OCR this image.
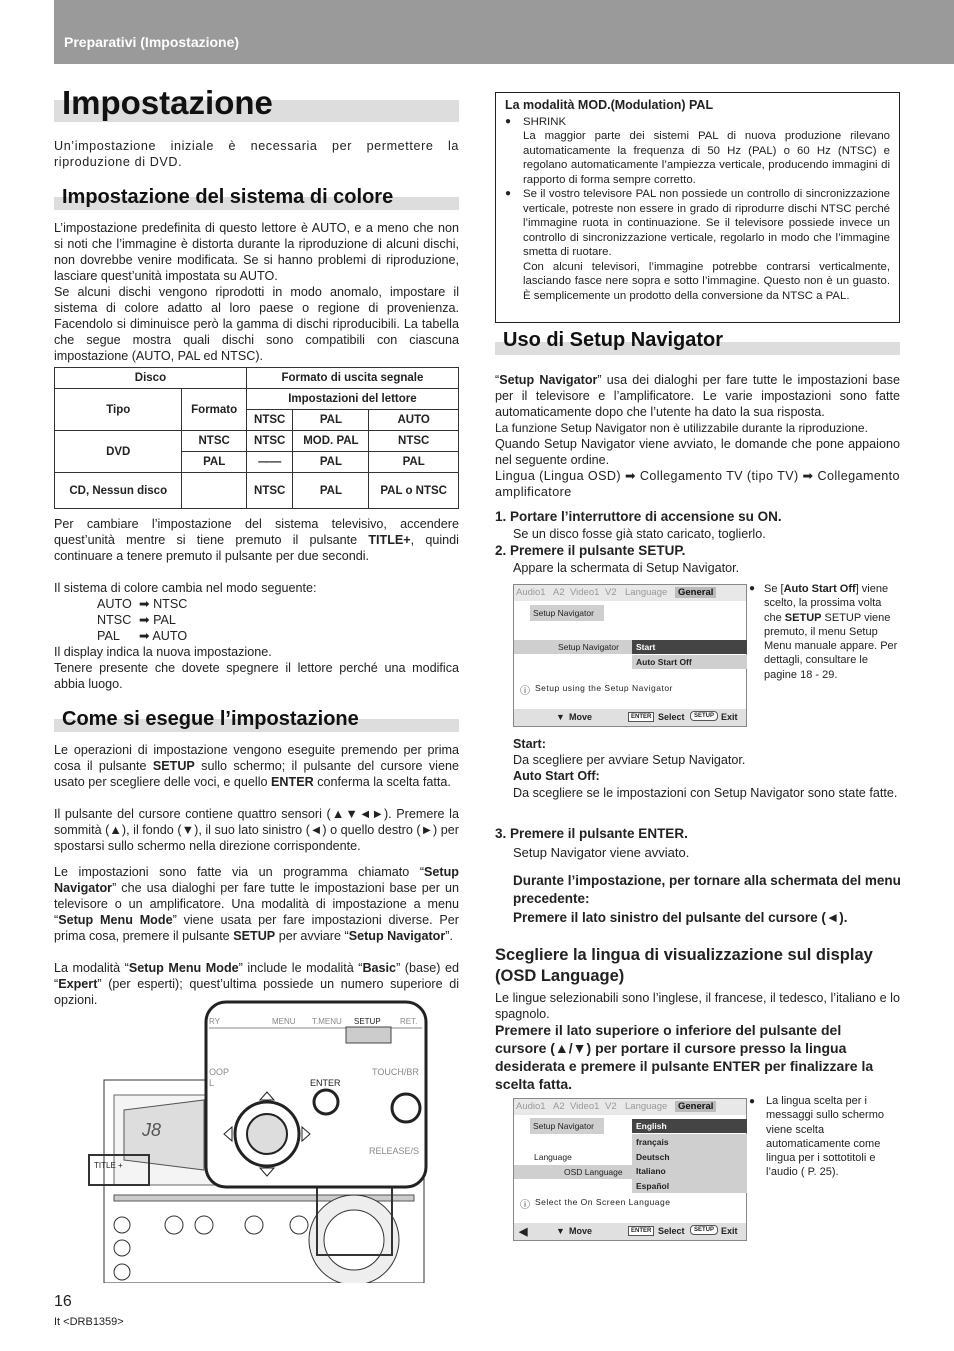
Preparativi (Impostazione)
Impostazione
Un’impostazione iniziale è necessaria per permettere la riproduzione di DVD.
Impostazione del sistema di colore
L’impostazione predefinita di questo lettore è AUTO, e a meno che non si noti che l’immagine è distorta durante la riproduzione di alcuni dischi, non dovrebbe venire modificata. Se si hanno problemi di riproduzione, lasciare quest’unità impostata su AUTO.
Se alcuni dischi vengono riprodotti in modo anomalo, impostare il sistema di colore adatto al loro paese o regione di provenienza. Facendolo si diminuisce però la gamma di dischi riproducibili. La tabella che segue mostra quali dischi sono compatibili con ciascuna impostazione (AUTO, PAL ed NTSC).
Disco		Formato di uscita segnale		
Tipo	Formato	Impostazioni del lettore		
		NTSC	PAL	AUTO
DVD	NTSC	NTSC	MOD. PAL	NTSC
	PAL	——	PAL	PAL
CD, Nessun disco		NTSC	PAL	PAL o NTSC
Per cambiare l’impostazione del sistema televisivo, accendere quest’unità mentre si tiene premuto il pulsante TITLE+, quindi continuare a tenere premuto il pulsante per due secondi.
Il sistema di colore cambia nel modo seguente:
AUTO ➡ NTSC
NTSC ➡ PAL
PAL ➡ AUTO
Il display indica la nuova impostazione.
Tenere presente che dovete spegnere il lettore perché una modifica abbia luogo.
Come si esegue l’impostazione
Le operazioni di impostazione vengono eseguite premendo per prima cosa il pulsante SETUP sullo schermo; il pulsante del cursore viene usato per scegliere delle voci, e quello ENTER conferma la scelta fatta.
Il pulsante del cursore contiene quattro sensori (▲▼◄►). Premere la sommità (▲), il fondo (▼), il suo lato sinistro (◄) o quello destro (►) per spostarsi sullo schermo nella direzione corrispondente.
Le impostazioni sono fatte via un programma chiamato “Setup Navigator” che usa dialoghi per fare tutte le impostazioni base per un televisore o un amplificatore. Una modalità di impostazione a menu “Setup Menu Mode” viene usata per fare impostazioni diverse. Per prima cosa, premere il pulsante SETUP per avviare “Setup Navigator”.
La modalità “Setup Menu Mode” include le modalità “Basic” (base) ed “Expert” (per esperti); quest’ultima possiede un numero superiore di opzioni.
RY	MENU T.MENU SETUP RET.
OOP
L
TOUCH/BR
ENTER
RELEASE/S
TITLE +
J8
La modalità MOD.(Modulation) PAL
● SHRINK
La maggior parte dei sistemi PAL di nuova produzione rilevano automaticamente la frequenza di 50 Hz (PAL) o 60 Hz (NTSC) e regolano automaticamente l’ampiezza verticale, producendo immagini di rapporto di forma sempre corretto.
● Se il vostro televisore PAL non possiede un controllo di sincronizzazione verticale, potreste non essere in grado di riprodurre dischi NTSC perché l’immagine ruota in continuazione. Se il televisore possiede invece un controllo di sincronizzazione verticale, regolarlo in modo che l’immagine smetta di ruotare.
Con alcuni televisori, l’immagine potrebbe contrarsi verticalmente, lasciando fasce nere sopra e sotto l’immagine. Questo non è un guasto. È semplicemente un prodotto della conversione da NTSC a PAL.
Uso di Setup Navigator
“Setup Navigator” usa dei dialoghi per fare tutte le impostazioni base per il televisore e l’amplificatore. Le varie impostazioni sono fatte automaticamente dopo che l’utente ha dato la sua risposta.
La funzione Setup Navigator non è utilizzabile durante la riproduzione.
Quando Setup Navigator viene avviato, le domande che pone appaiono nel seguente ordine.
Lingua (Lingua OSD) ➡ Collegamento TV (tipo TV) ➡ Collegamento amplificatore
1. Portare l’interruttore di accensione su ON.
Se un disco fosse già stato caricato, toglierlo.
2. Premere il pulsante SETUP.
Appare la schermata di Setup Navigator.
Audio1 A2 Video1 V2 Language	General
Setup Navigator
Setup Navigator	Start
Auto Start Off
ⓘ Setup using the Setup Navigator
▼ Move	ENTER Select	SETUP Exit
● Se [Auto Start Off] viene scelto, la prossima volta che SETUP SETUP viene premuto, il menu Setup Menu manuale appare. Per dettagli, consultare le pagine 18 - 29.
Start:
Da scegliere per avviare Setup Navigator.
Auto Start Off:
Da scegliere se le impostazioni con Setup Navigator sono state fatte.
3. Premere il pulsante ENTER.
Setup Navigator viene avviato.
Durante l’impostazione, per tornare alla schermata del menu precedente:
Premere il lato sinistro del pulsante del cursore (◄).
Scegliere la lingua di visualizzazione sul display (OSD Language)
Le lingue selezionabili sono l’inglese, il francese, il tedesco, l’italiano e lo spagnolo.
Premere il lato superiore o inferiore del pulsante del cursore (▲/▼) per portare il cursore presso la lingua desiderata e premere il pulsante ENTER per finalizzare la scelta fatta.
Audio1 A2 Video1 V2 Language	General
Setup Navigator
Language
OSD Language
English
français
Deutsch
Italiano
Español
ⓘ Select the On Screen Language
◀	▼ Move	ENTER Select	SETUP Exit
● La lingua scelta per i messaggi sullo schermo viene scelta automaticamente come lingua per i sottotitoli e l’audio ( P. 25).
16
It <DRB1359>
